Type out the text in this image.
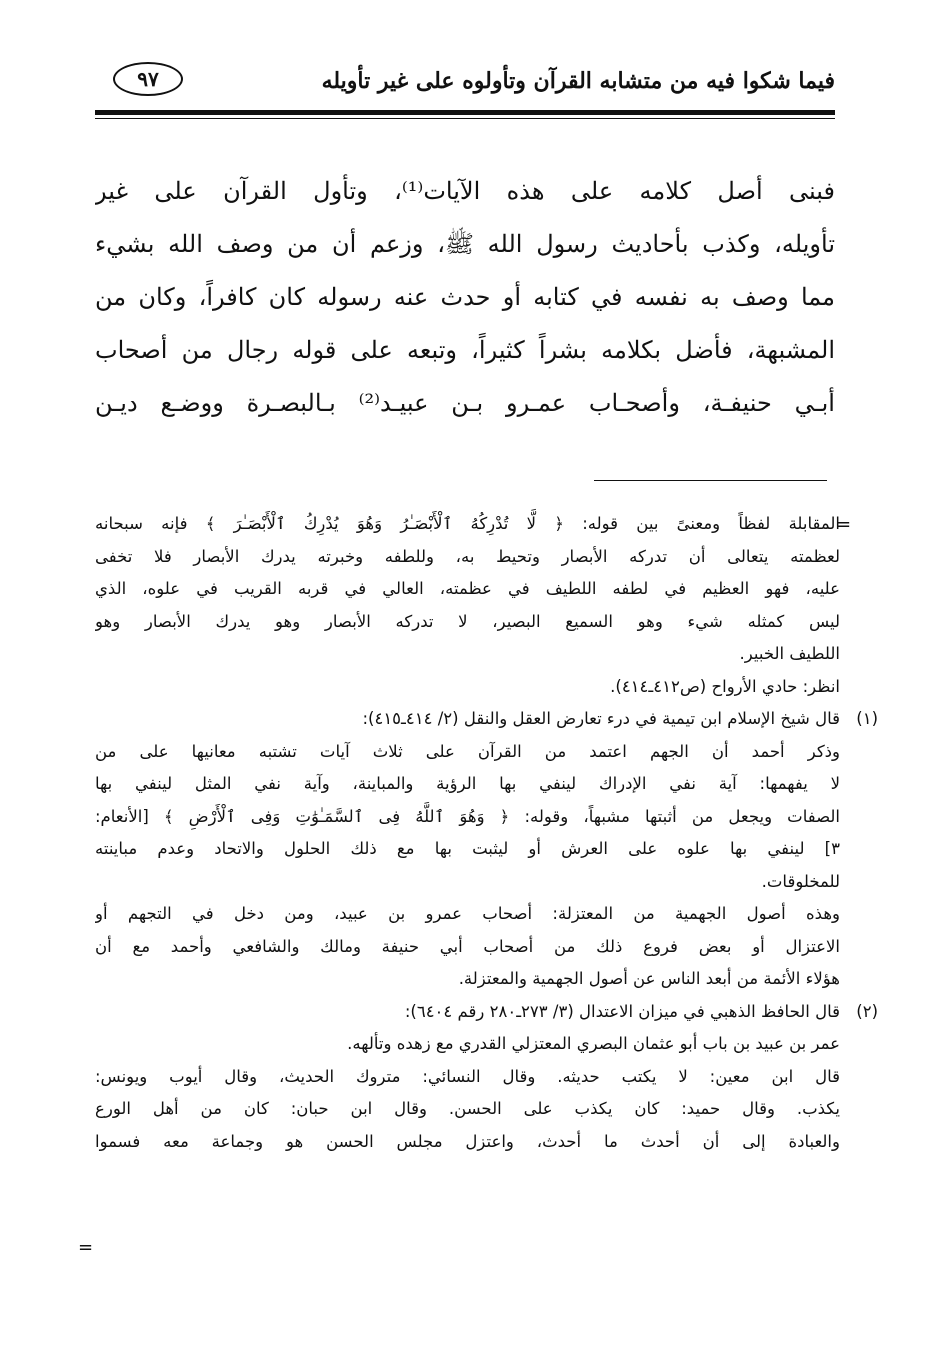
فيما شكوا فيه من متشابه القرآن وتأولوه على غير تأويله
٩٧
فبنى أصل كلامه على هذه الآيات⁽¹⁾، وتأول القرآن على غير
تأويله، وكذب بأحاديث رسول الله ﷺ، وزعم أن من وصف الله بشيء
مما وصف به نفسه في كتابه أو حدث عنه رسوله كان كافراً، وكان من
المشبهة، فأضل بكلامه بشراً كثيراً، وتبعه على قوله رجال من أصحاب
أبـي حنيفـة، وأصحـاب عمـرو بـن عبيـد⁽²⁾ بـالبصـرة ووضـع ديـن
=
المقابلة لفظاً ومعنىً بين قوله: ﴿ لَّا تُدْرِكُهُ ٱلْأَبْصَـٰرُ وَهُوَ يُدْرِكُ ٱلْأَبْصَـٰرَ ﴾ فإنه سبحانه
لعظمته يتعالى أن تدركه الأبصار وتحيط به، وللطفه وخبرته يدرك الأبصار فلا تخفى
عليه، فهو العظيم في لطفه اللطيف في عظمته، العالي في قربه القريب في علوه، الذي
ليس كمثله شيء وهو السميع البصير، لا تدركه الأبصار وهو يدرك الأبصار وهو
اللطيف الخبير.
انظر: حادي الأرواح (ص٤١٢ـ٤١٤).
(١)
قال شيخ الإسلام ابن تيمية في درء تعارض العقل والنقل (٢/ ٤١٤ـ٤١٥):
وذكر أحمد أن الجهم اعتمد من القرآن على ثلاث آيات تشتبه معانيها على من
لا يفهمها: آية نفي الإدراك لينفي بها الرؤية والمباينة، وآية نفي المثل لينفي بها
الصفات ويجعل من أثبتها مشبهاً، وقوله: ﴿ وَهُوَ ٱللَّهُ فِى ٱلسَّمَـٰوَٰتِ وَفِى ٱلْأَرْضِ ﴾ [الأنعام:
٣] لينفي بها علوه على العرش أو ليثبت بها مع ذلك الحلول والاتحاد وعدم مباينته
للمخلوقات.
وهذه أصول الجهمية من المعتزلة: أصحاب عمرو بن عبيد، ومن دخل في التجهم أو
الاعتزال أو بعض فروع ذلك من أصحاب أبي حنيفة ومالك والشافعي وأحمد مع أن
هؤلاء الأئمة من أبعد الناس عن أصول الجهمية والمعتزلة.
(٢)
قال الحافظ الذهبي في ميزان الاعتدال (٣/ ٢٧٣ـ٢٨٠ رقم ٦٤٠٤):
عمر بن عبيد بن باب أبو عثمان البصري المعتزلي القدري مع زهده وتألهه.
قال ابن معين: لا يكتب حديثه. وقال النسائي: متروك الحديث، وقال أيوب ويونس:
يكذب. وقال حميد: كان يكذب على الحسن. وقال ابن حبان: كان من أهل الورع
والعبادة إلى أن أحدث ما أحدث، واعتزل مجلس الحسن هو وجماعة معه فسموا
=
